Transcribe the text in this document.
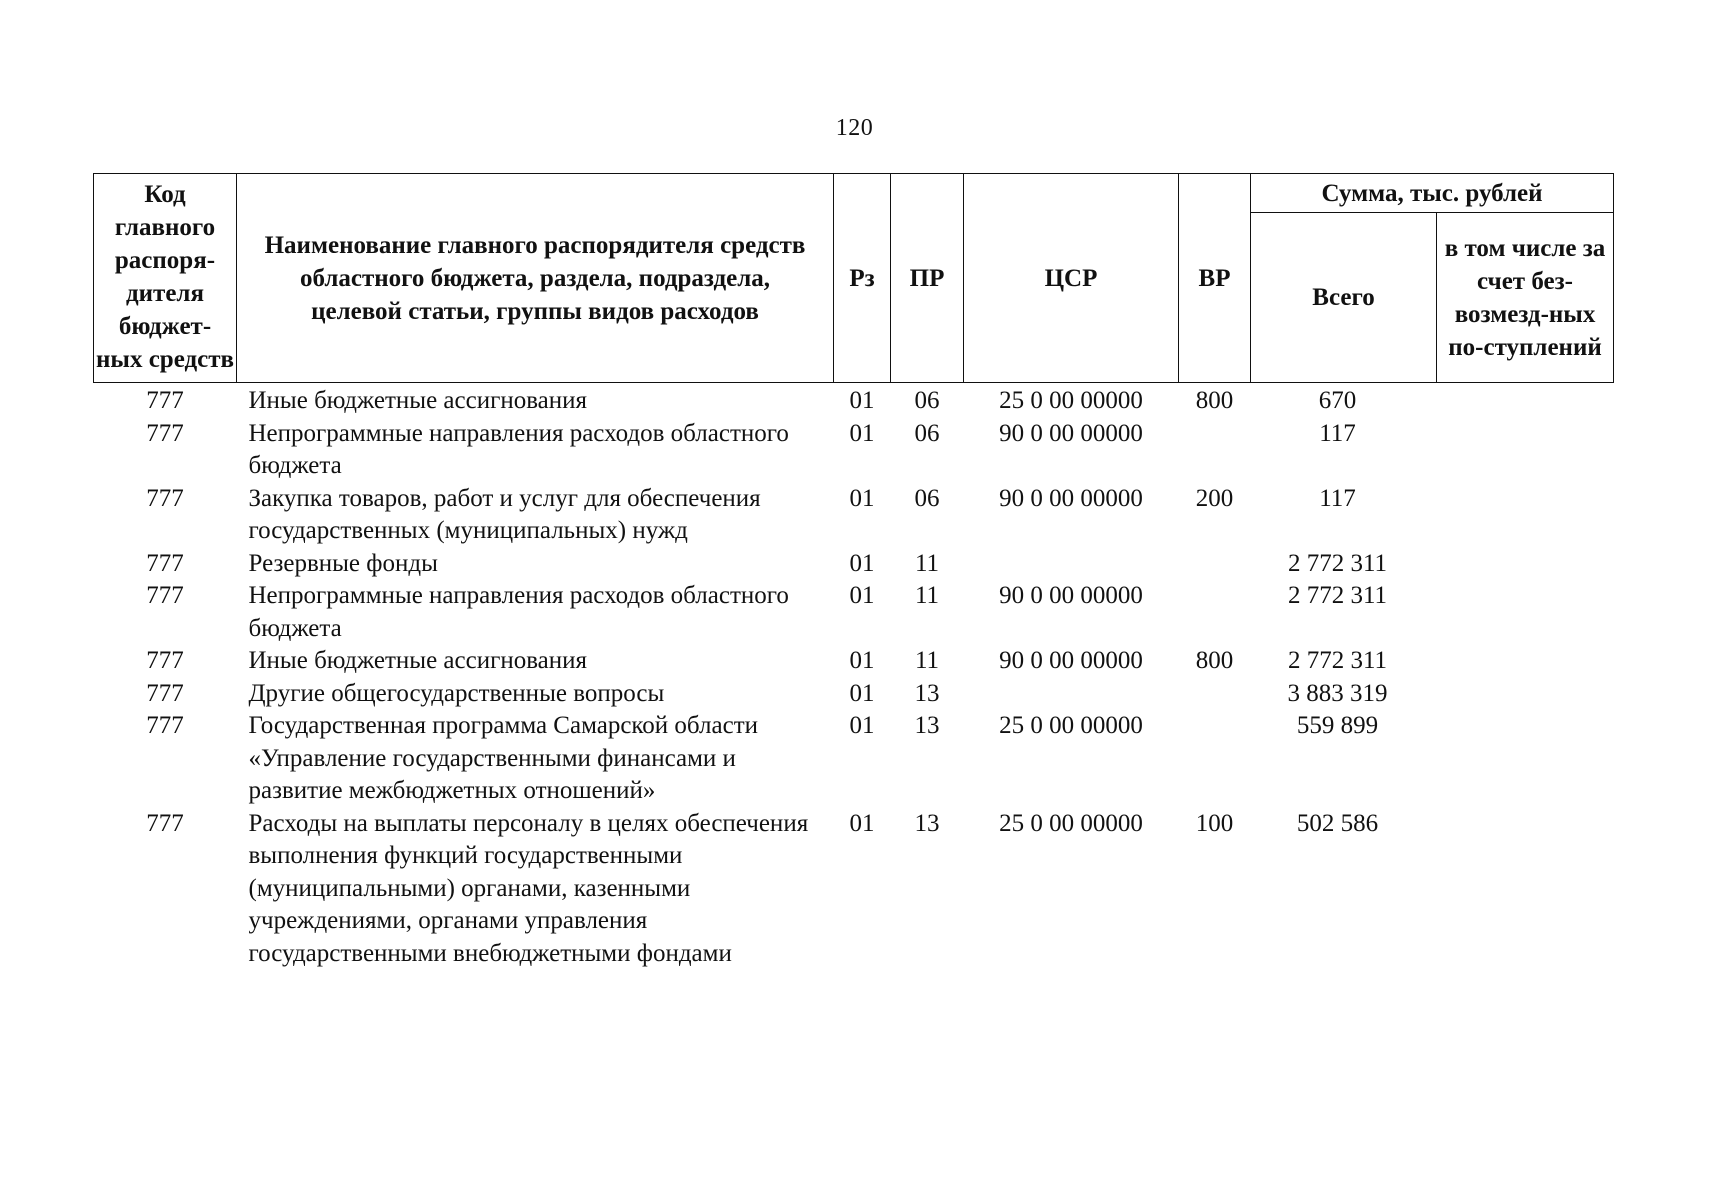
120
Код главного распоря-дителя бюджет-ных средств	Наименование главного распорядителя средств областного бюджета, раздела, подраздела, целевой статьи, группы видов расходов	Рз	ПР	ЦСР	ВР	Сумма, тыс. рублей	
						Всего	в том числе за счет без-возмезд-ных по-ступлений
777	Иные бюджетные ассигнования	01	06	25 0 00 00000	800	670	
777	Непрограммные направления расходов областного бюджета	01	06	90 0 00 00000		117	
777	Закупка товаров, работ и услуг для обеспечения государственных (муниципальных) нужд	01	06	90 0 00 00000	200	117	
777	Резервные фонды	01	11			2 772 311	
777	Непрограммные направления расходов областного бюджета	01	11	90 0 00 00000		2 772 311	
777	Иные бюджетные ассигнования	01	11	90 0 00 00000	800	2 772 311	
777	Другие общегосударственные вопросы	01	13			3 883 319	
777	Государственная программа Самарской области «Управление государственными финансами и развитие межбюджетных отношений»	01	13	25 0 00 00000		559 899	
777	Расходы на выплаты персоналу в целях обеспечения выполнения функций государственными (муниципальными) органами, казенными учреждениями, органами управления государственными внебюджетными фондами	01	13	25 0 00 00000	100	502 586	
